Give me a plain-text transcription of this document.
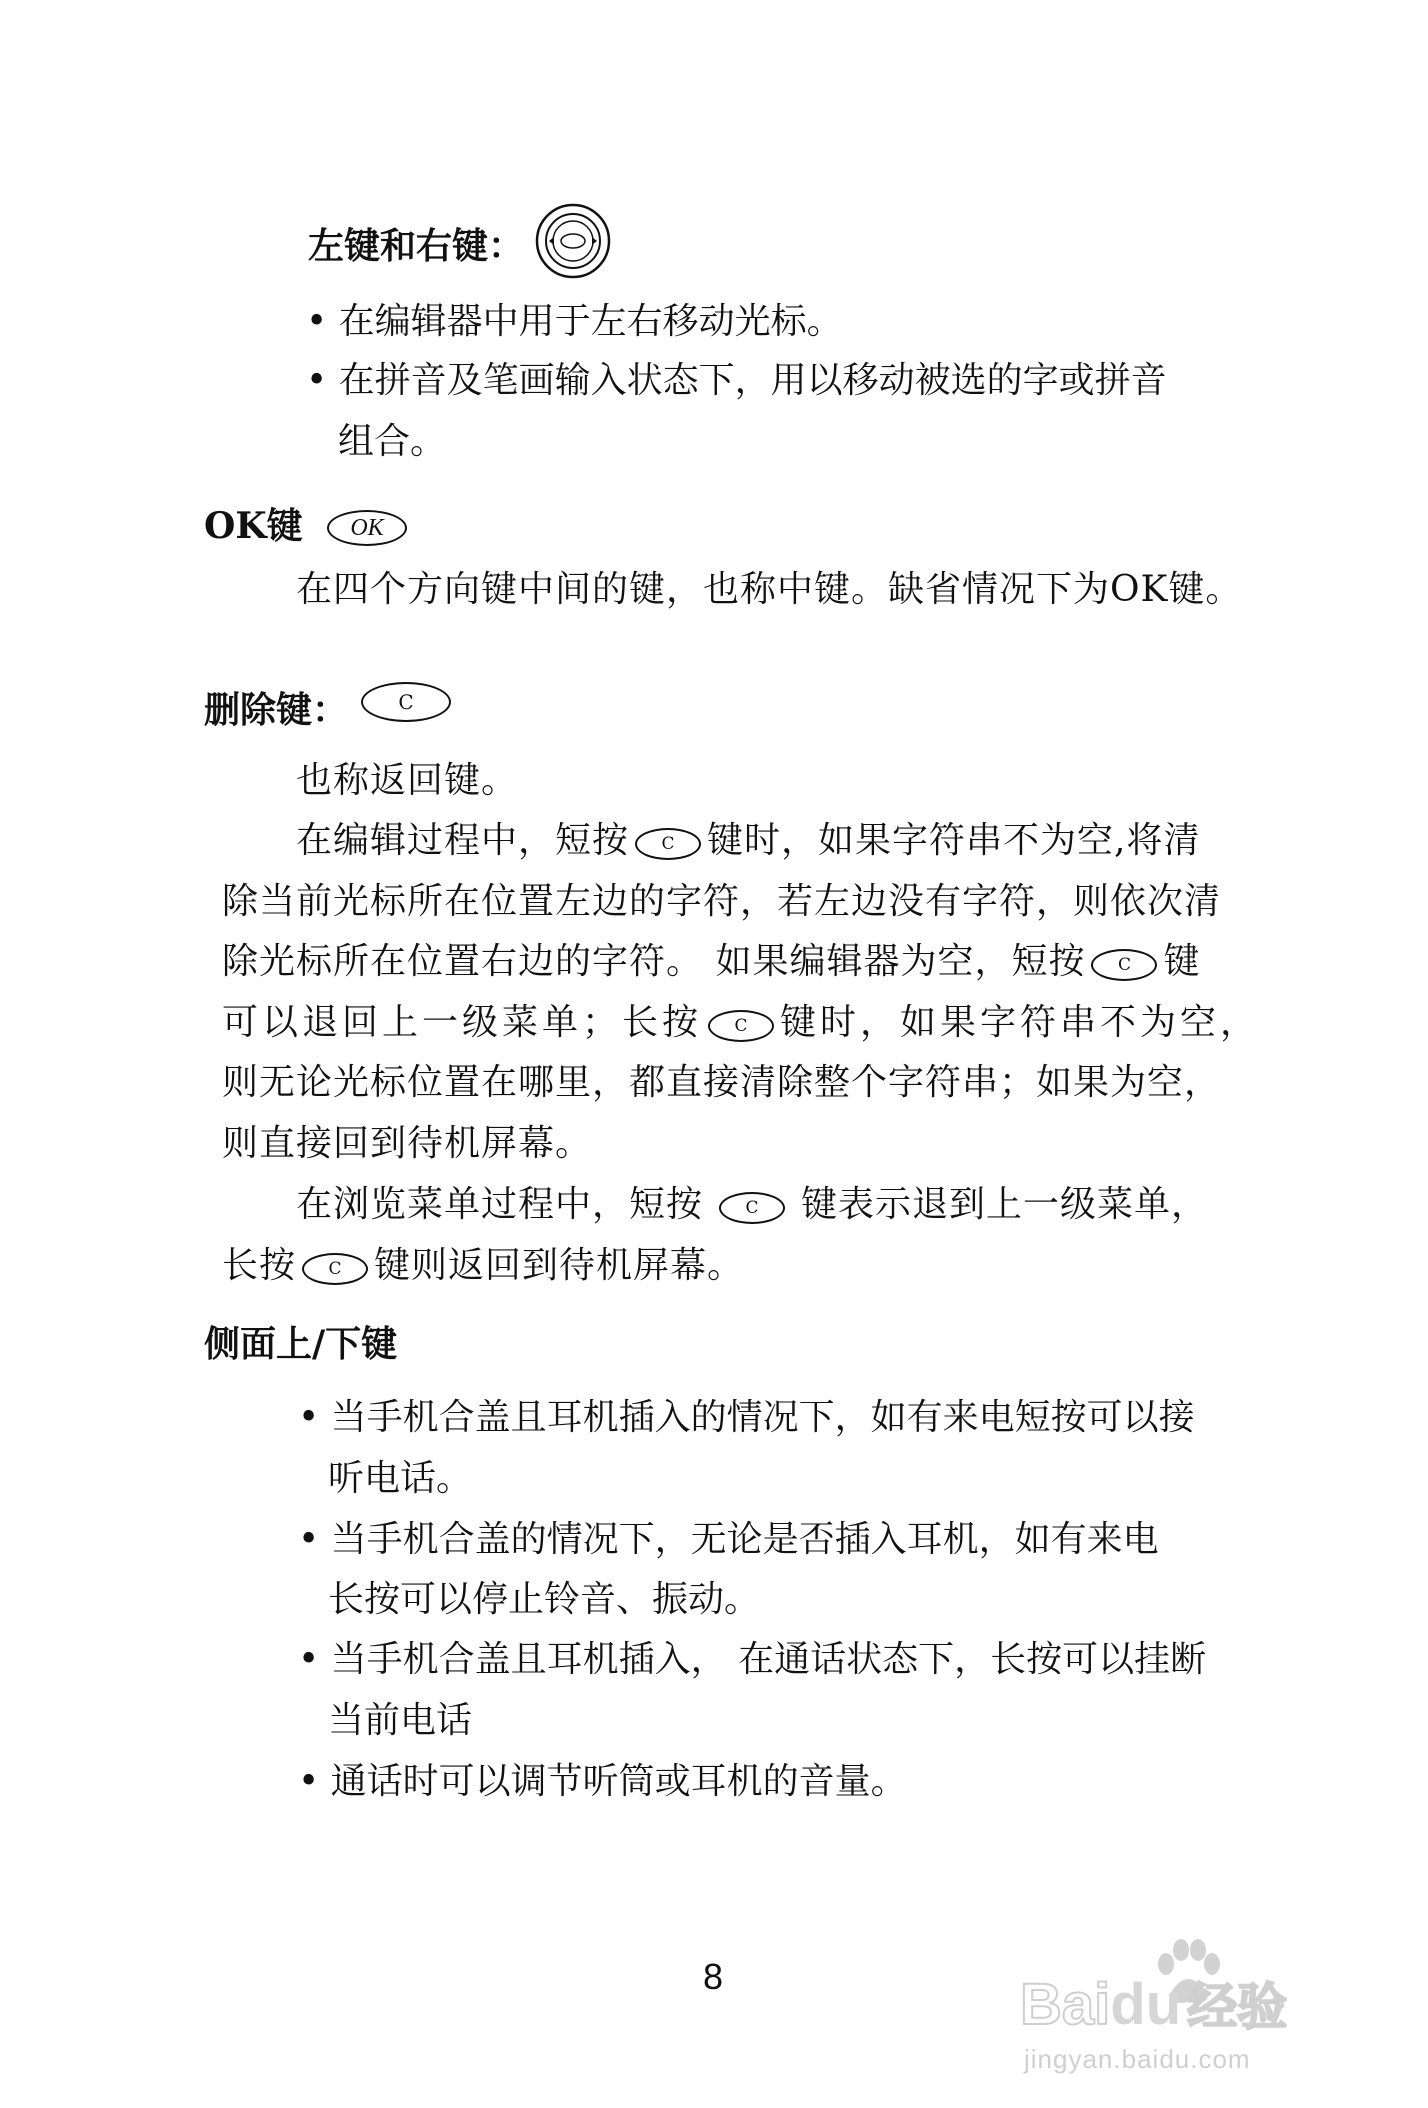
左键和右键：
• 在编辑器中用于左右移动光标。
• 在拼音及笔画输入状态下，用以移动被选的字或拼音
组合。
OK键	OK
在四个方向键中间的键，也称中键。缺省情况下为OK键。
删除键：	C
也称返回键。
在编辑过程中，短按 C 键时，如果字符串不为空,将清
除当前光标所在位置左边的字符，若左边没有字符，则依次清
除光标所在位置右边的字符。 如果编辑器为空，短按 C 键
可以退回上一级菜单；长按 C 键时，如果字符串不为空，
则无论光标位置在哪里，都直接清除整个字符串；如果为空，
则直接回到待机屏幕。
在浏览菜单过程中，短按 C 键表示退到上一级菜单，
长按 C 键则返回到待机屏幕。
侧面上/下键
• 当手机合盖且耳机插入的情况下，如有来电短按可以接
听电话。
• 当手机合盖的情况下，无论是否插入耳机，如有来电
长按可以停止铃音、振动。
• 当手机合盖且耳机插入， 在通话状态下，长按可以挂断
当前电话
• 通话时可以调节听筒或耳机的音量。
8	Baidu 经验
jingyan.baidu.com
